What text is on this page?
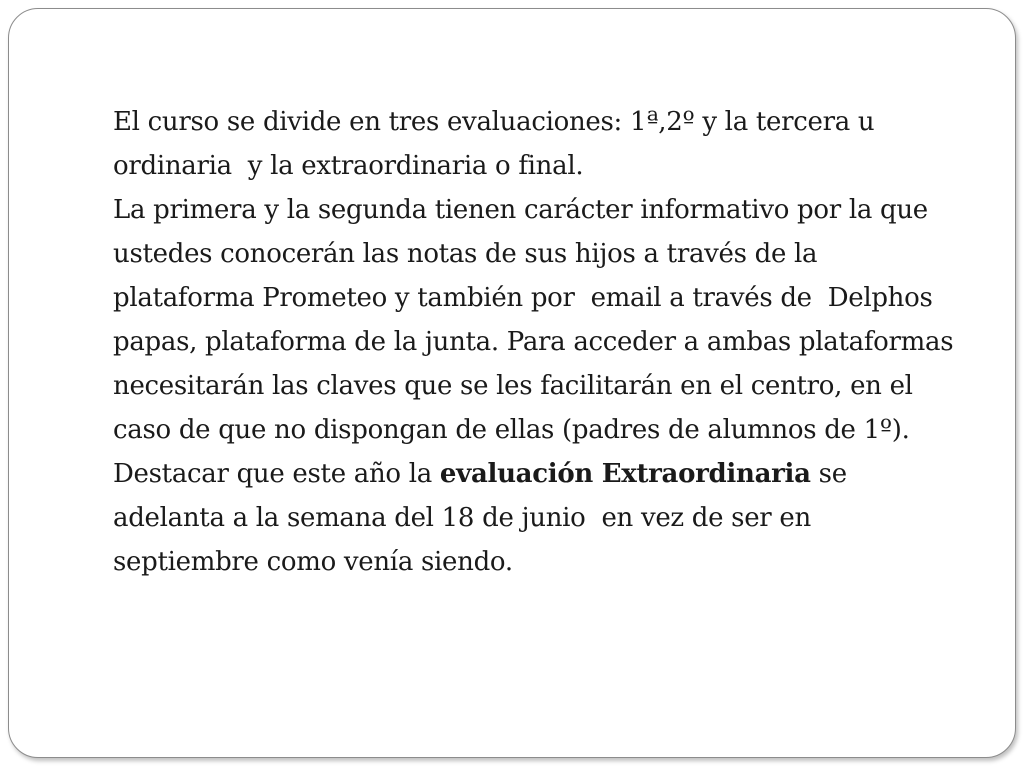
El curso se divide en tres evaluaciones: 1ª,2º y la tercera u
ordinaria  y la extraordinaria o final.

La primera y la segunda tienen carácter informativo por la que
ustedes conocerán las notas de sus hijos a través de la
plataforma Prometeo y también por  email a través de  Delphos
papas, plataforma de la junta. Para acceder a ambas plataformas
necesitarán las claves que se les facilitarán en el centro, en el
caso de que no dispongan de ellas (padres de alumnos de 1º).

Destacar que este año la evaluación Extraordinaria se
adelanta a la semana del 18 de junio  en vez de ser en
septiembre como venía siendo.
